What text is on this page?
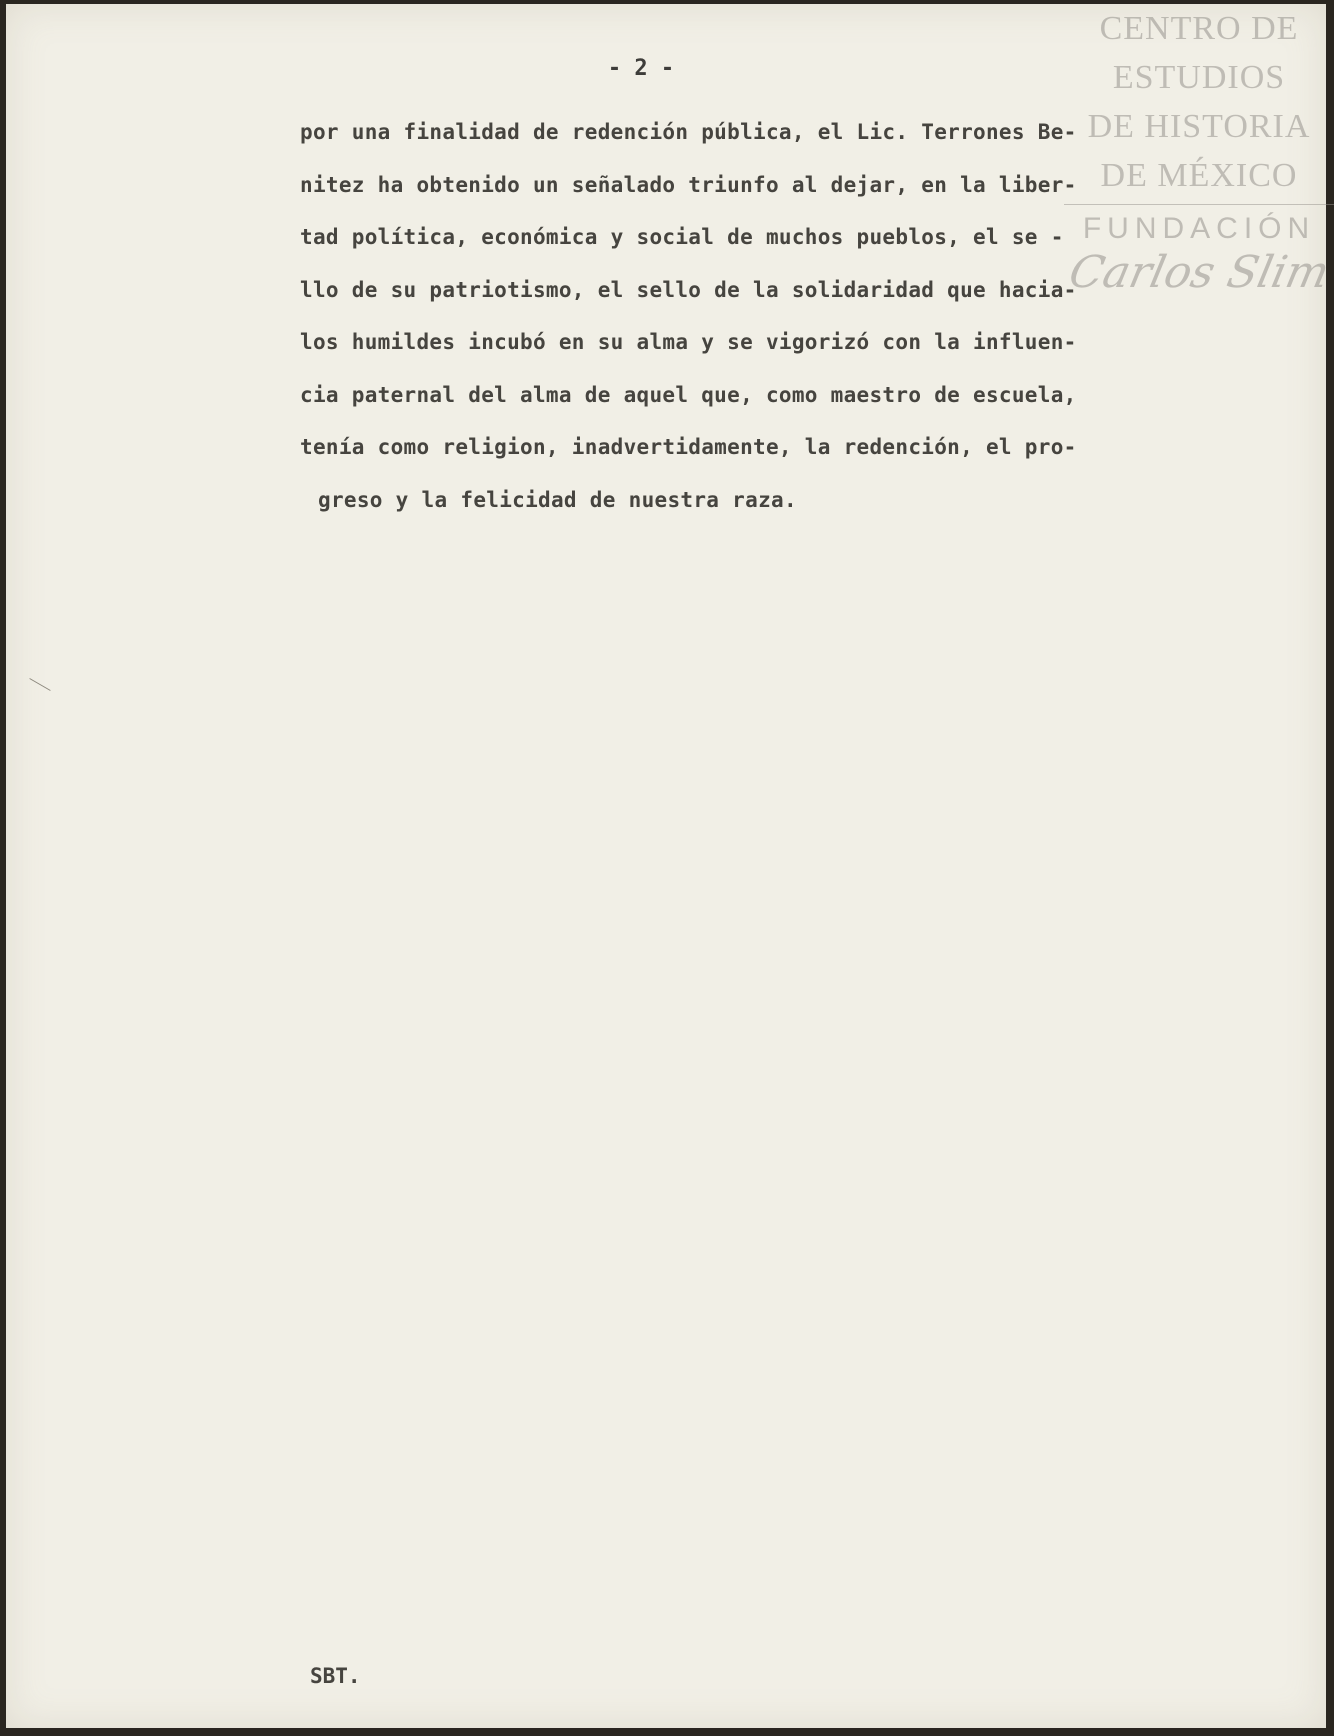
- 2 -
por una finalidad de redención pública, el Lic. Terrones Be-
nitez ha obtenido un señalado triunfo al dejar, en la liber-
tad política, económica y social de muchos pueblos, el se -
llo de su patriotismo, el sello de la solidaridad que hacia-
los humildes incubó en su alma y se vigorizó con la influen-
cia paternal del alma de aquel que, como maestro de escuela,
tenía como religion, inadvertidamente, la redención, el pro-
greso y la felicidad de nuestra raza.
SBT.
CENTRO DE
ESTUDIOS
DE HISTORIA
DE MÉXICO
FUNDACIÓN
Carlos Slim
